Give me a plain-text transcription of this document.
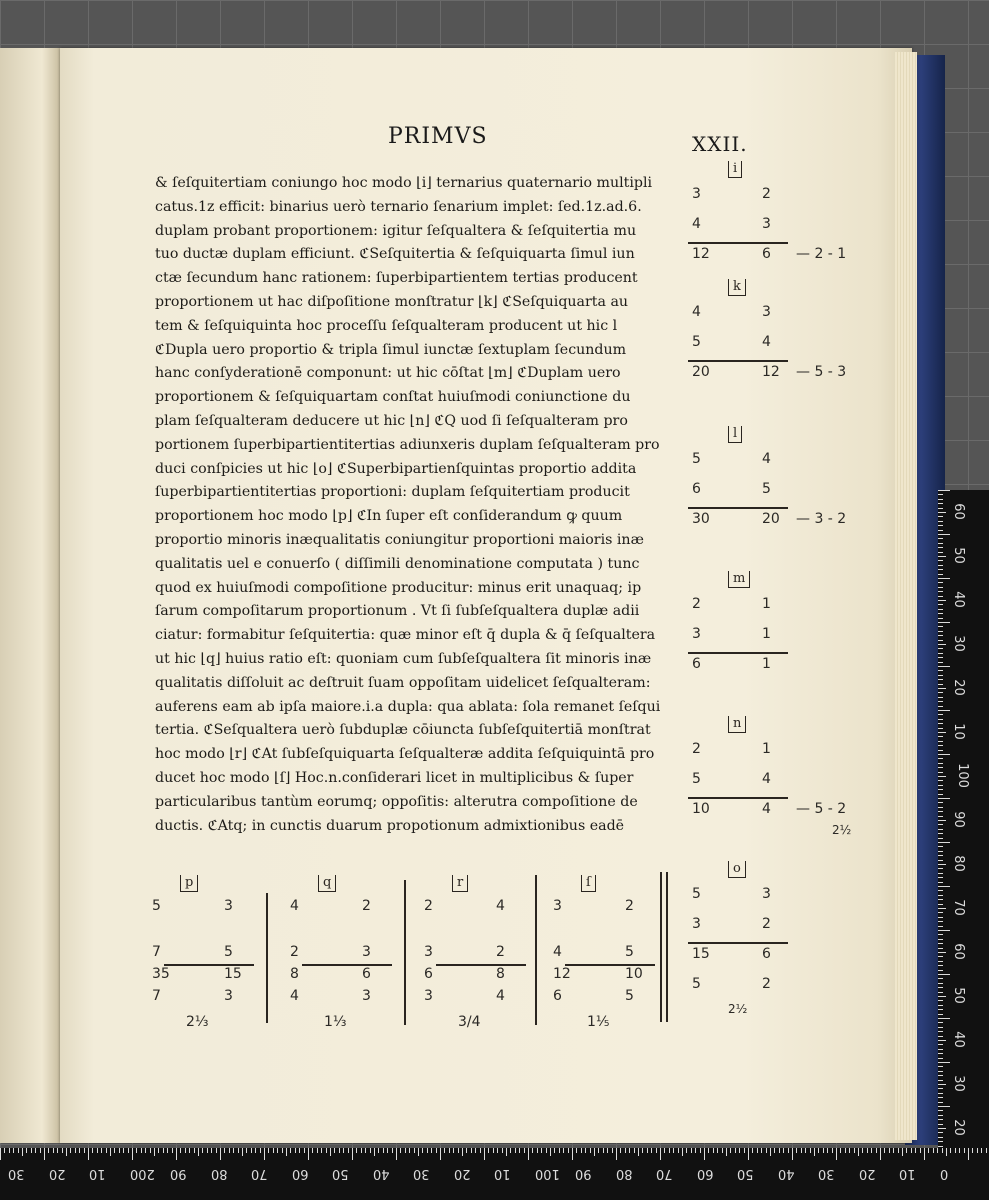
PRIMVS	XXII.
& ſeſquitertiam coniungo hoc modo ⌊i⌋ ternarius quaternario multipli
catus.1z efficit: binarius uerò ternario ſenarium implet: ſed.1z.ad.6.
duplam probant proportionem: igitur ſeſqualtera & ſeſquitertia mu
tuo ductæ duplam efficiunt. ℭSeſquitertia & ſeſquiquarta ſimul iun
ctæ ſecundum hanc rationem: ſuperbipartientem tertias producent
proportionem ut hac diſpoſitione monſtratur ⌊k⌋ ℭSeſquiquarta au
tem & ſeſquiquinta hoc proceſſu ſeſqualteram producent ut hic l
ℭDupla uero proportio & tripla ſimul iunctæ ſextuplam ſecundum
hanc conſyderationē componunt: ut hic cōſtat ⌊m⌋ ℭDuplam uero
proportionem & ſeſquiquartam conſtat huiuſmodi coniunctione du
plam ſeſqualteram deducere ut hic ⌊n⌋ ℭQ uod ſi ſeſqualteram pro
portionem ſuperbipartientitertias adiunxeris duplam ſeſqualteram pro
duci conſpicies ut hic ⌊o⌋ ℭSuperbipartienſquintas proportio addita
ſuperbipartientitertias proportioni: duplam ſeſquitertiam producit
proportionem hoc modo ⌊p⌋ ℭIn ſuper eſt conſiderandum ꝙ quum
proportio minoris inæqualitatis coniungitur proportioni maioris inæ
qualitatis uel e conuerſo ( diſſimili denominatione computata ) tunc
quod ex huiuſmodi compoſitione producitur: minus erit unaquaq; ip
ſarum compoſitarum proportionum . Vt ſi ſubſeſqualtera duplæ adii
ciatur: formabitur ſeſquitertia: quæ minor eſt q̄ dupla & q̄ ſeſqualtera
ut hic ⌊q⌋ huius ratio eſt: quoniam cum ſubſeſqualtera ſit minoris inæ
qualitatis diſſoluit ac deſtruit ſuam oppoſitam uidelicet ſeſqualteram:
auferens eam ab ipſa maiore.i.a dupla: qua ablata: ſola remanet ſeſqui
tertia. ℭSeſqualtera uerò ſubduplæ cōiuncta ſubſeſquitertiā monſtrat
hoc modo ⌊r⌋ ℭAt ſubſeſquiquarta ſeſqualteræ addita ſeſquiquintā pro
ducet hoc modo ⌊ſ⌋ Hoc.n.conſiderari licet in multiplicibus & ſuper
particularibus tantùm eorumq; oppoſitis: alterutra compoſitione de
ductis. ℭAtq; in cunctis duarum propotionum admixtionibus eadē
i
3	2
4	3
12	6 — 2 - 1
k
4	3
5	4
20	12 — 5 - 3
l
5	4
6	5
30	20 — 3 - 2
m
2	1
3	1
6	1
n
2	1
5	4
10	4 — 5 - 2
2½
o
5	3
3	2
15	6
5	2
2⅟₂
p
5	3
7	5
35	15
7	3
2⅓
q
4	2
2	3
8	6
4	3
1⅓
r
2	4
3	2
6	8
3	4
3/4
ſ
3	2
4	5
12	10
6	5
1⅕
60
50
40
30
20
10
100
90
80
70
60
50
40
30
20
30 20 10 200 90 80 70 60 50 40 30 20 10 100 90 80 70 60 50 40 30 20 10 0
